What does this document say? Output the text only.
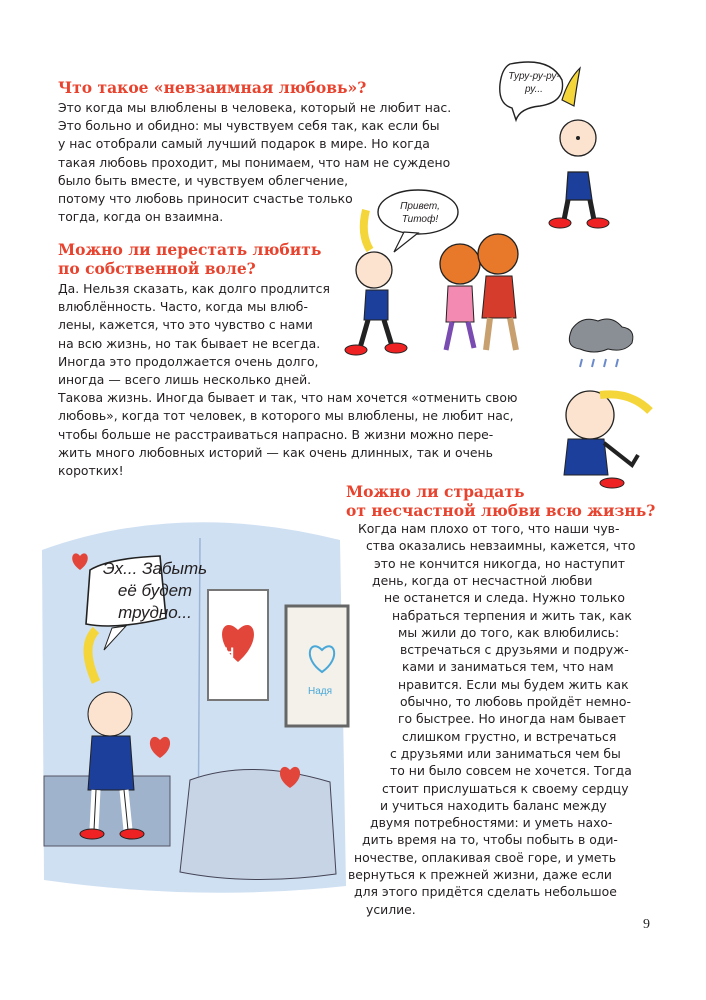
Что такое «невзаимная любовь»?
Это когда мы влюблены в человека, который не любит нас.
Это больно и обидно: мы чувствуем себя так, как если бы
у нас отобрали самый лучший подарок в мире. Но когда
такая любовь проходит, мы понимаем, что нам не суждено
было быть вместе, и чувствуем облегчение,
потому что любовь приносит счастье только
тогда, когда он взаимна.
Можно ли перестать любить
по собственной воле?
Да. Нельзя сказать, как долго продлится
влюблённость. Часто, когда мы влюб-
лены, кажется, что это чувство с нами
на всю жизнь, но так бывает не всегда.
Иногда это продолжается очень долго,
иногда — всего лишь несколько дней.
Такова жизнь. Иногда бывает и так, что нам хочется «отменить свою
любовь», когда тот человек, в которого мы влюблены, не любит нас,
чтобы больше не расстраиваться напрасно. В жизни можно пере-
жить много любовных историй — как очень длинных, так и очень
коротких!
Можно ли страдать
от несчастной любви всю жизнь?
Когда нам плохо от того, что наши чув-
ства оказались невзаимны, кажется, что
это не кончится никогда, но наступит
день, когда от несчастной любви
не останется и следа. Нужно только
набраться терпения и жить так, как
мы жили до того, как влюбились:
встречаться с друзьями и подруж-
ками и заниматься тем, что нам
нравится. Если мы будем жить как
обычно, то любовь пройдёт немно-
го быстрее. Но иногда нам бывает
слишком грустно, и встречаться
с друзьями или заниматься чем бы
то ни было совсем не хочется. Тогда
стоит прислушаться к своему сердцу
и учиться находить баланс между
двумя потребностями: и уметь нахо-
дить время на то, чтобы побыть в оди-
ночестве, оплакивая своё горе, и уметь
вернуться к прежней жизни, даже если
для этого придётся сделать небольшое
усилие.
Туру-ру-ру-ру...
Привет, Титоф!
Эх... Забыть её будет трудно...
Н
Надя
9
